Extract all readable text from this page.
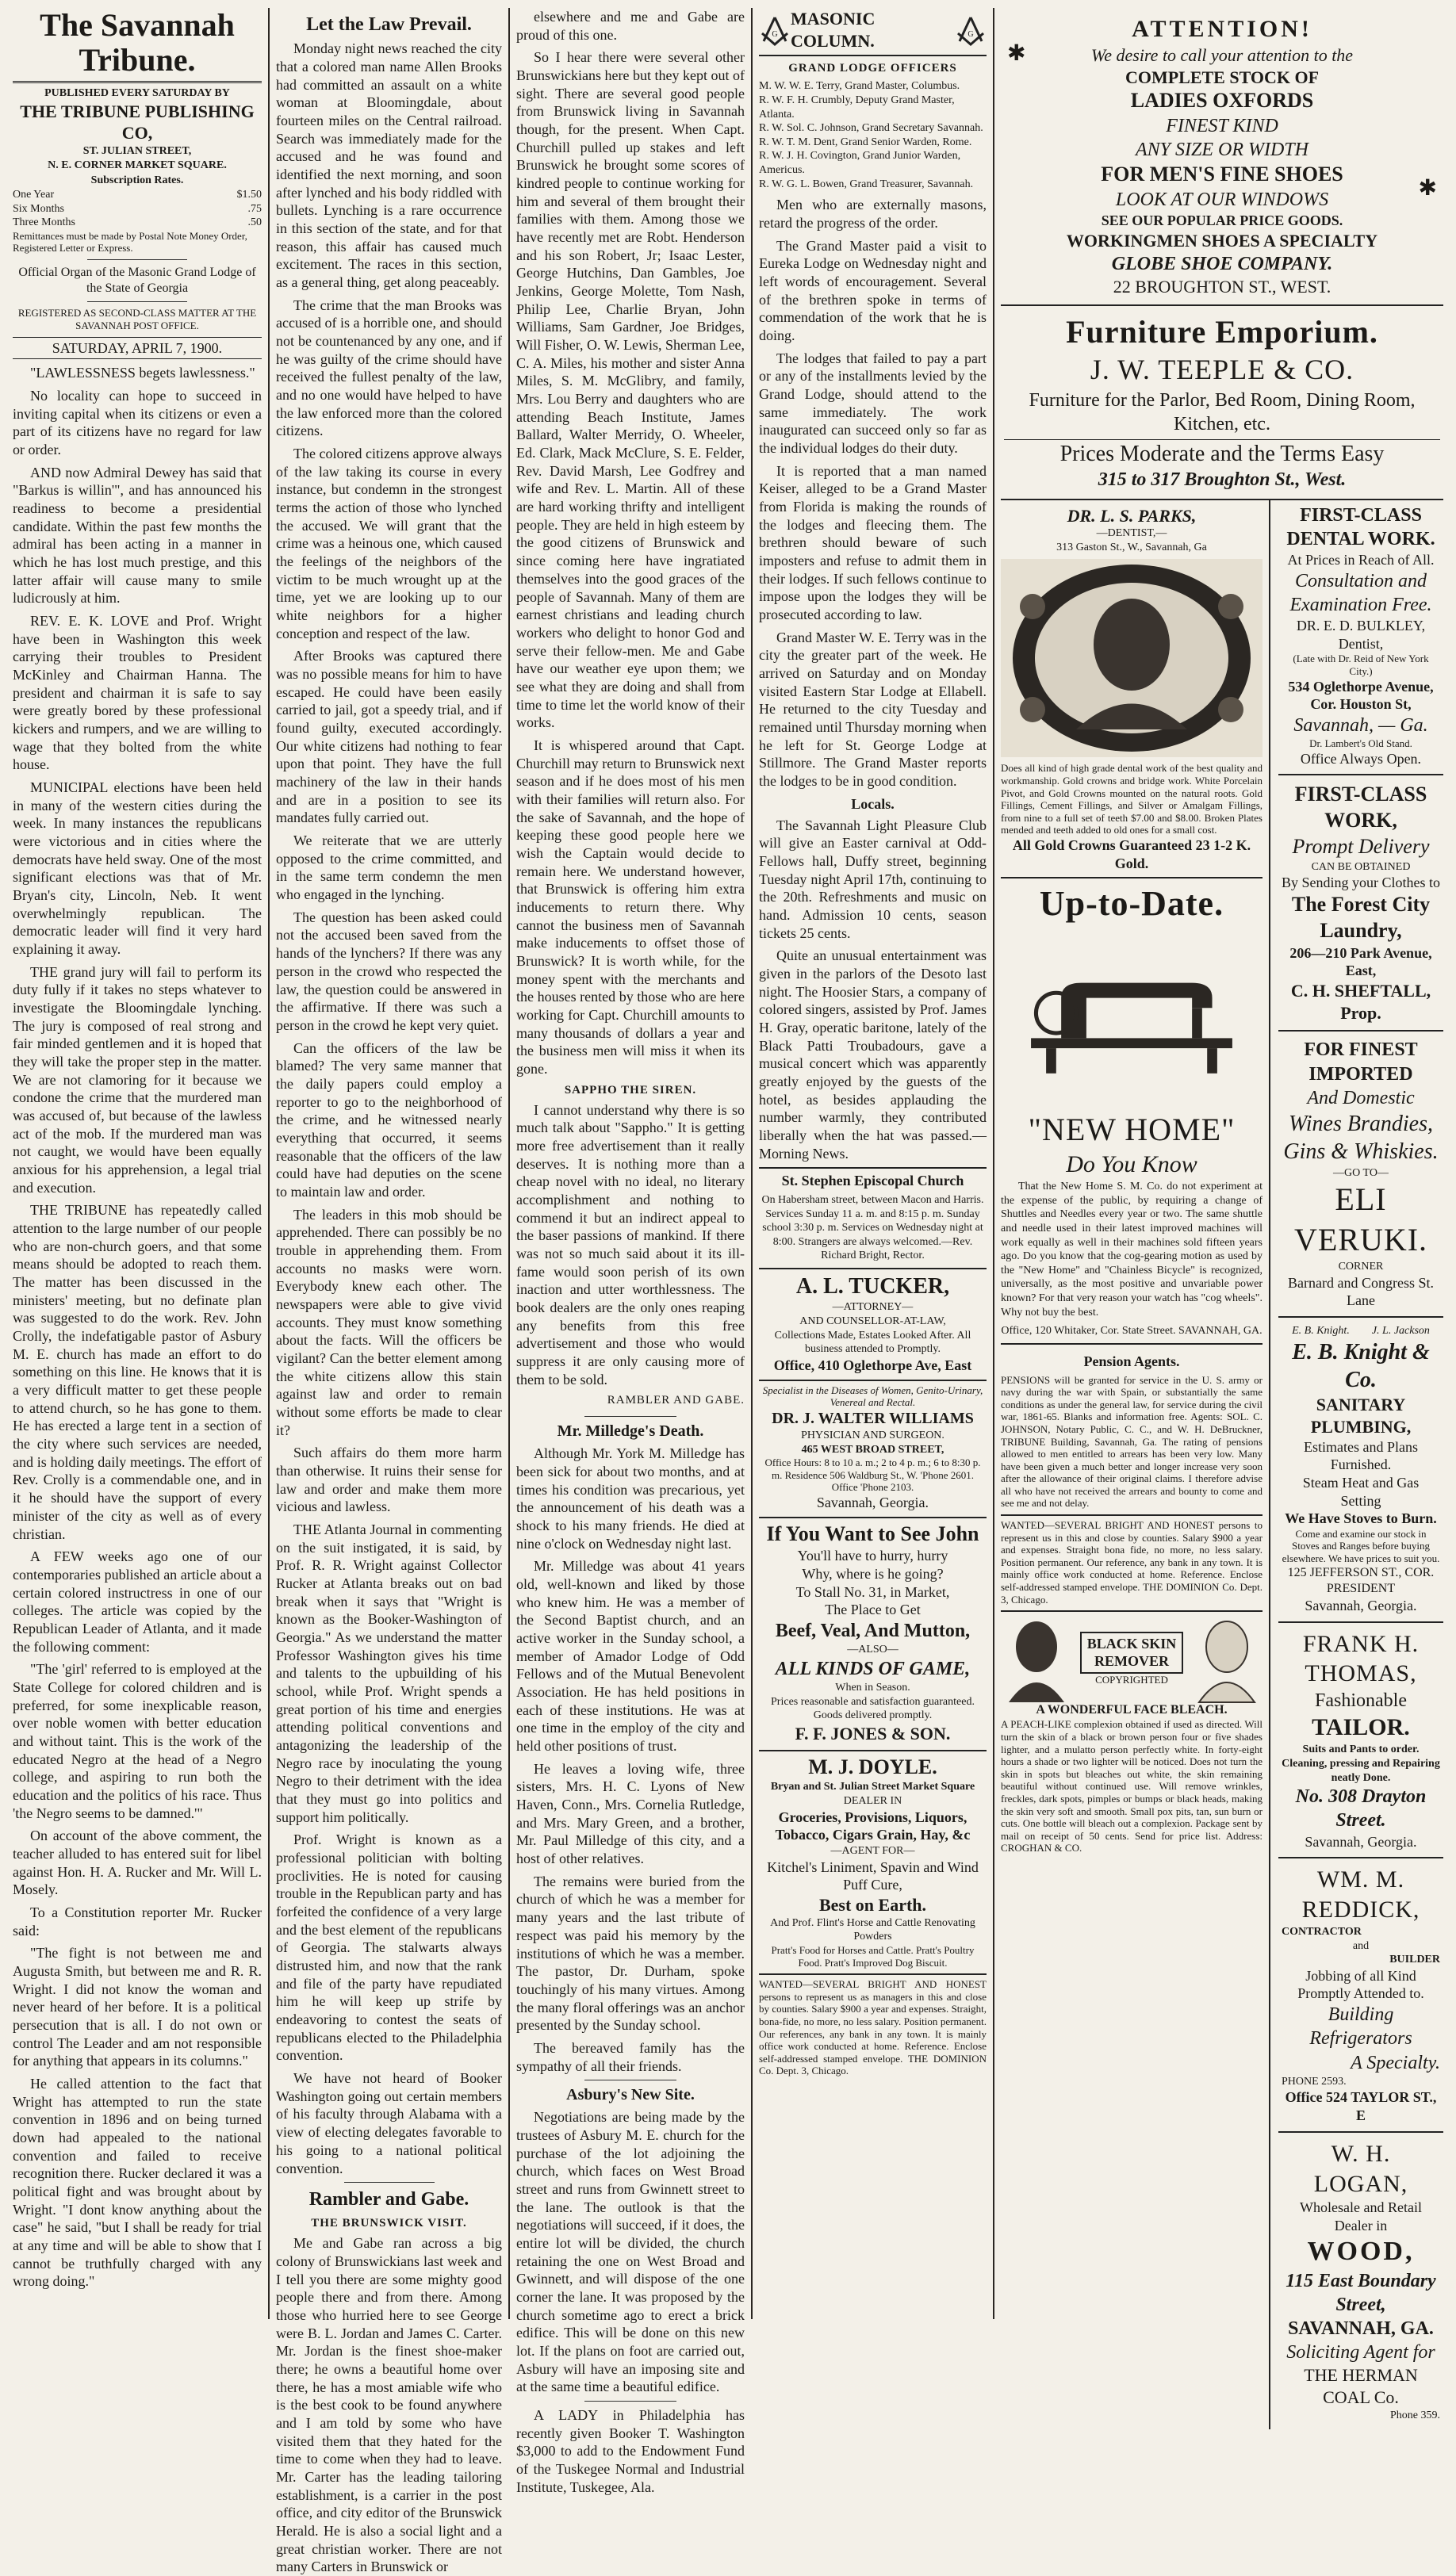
The Savannah Tribune.
PUBLISHED EVERY SATURDAY BY
THE TRIBUNE PUBLISHING CO,
ST. JULIAN STREET,
N. E. CORNER MARKET SQUARE.
Subscription Rates.
One Year	$1.50
Six Months	.75
Three Months	.50
Remittances must be made by Postal Note Money Order, Registered Letter or Express.
Official Organ of the Masonic Grand Lodge of the State of Georgia
REGISTERED AS SECOND-CLASS MATTER AT THE SAVANNAH POST OFFICE.
SATURDAY, APRIL 7, 1900.

"LAWLESSNESS begets lawlessness."

No locality can hope to succeed in inviting capital when its citizens or even a part of its citizens have no regard for law or order.

AND now Admiral Dewey has said that "Barkus is willin'", and has announced his readiness to become a presidential candidate. Within the past few months the admiral has been acting in a manner in which he has lost much prestige, and this latter affair will cause many to smile ludicrously at him.

REV. E. K. LOVE and Prof. Wright have been in Washington this week carrying their troubles to President McKinley and Chairman Hanna. The president and chairman it is safe to say were greatly bored by these professional kickers and rumpers, and we are willing to wage that they bolted from the white house.

MUNICIPAL elections have been held in many of the western cities during the week. In many instances the republicans were victorious and in cities where the democrats have held sway. One of the most significant elections was that of Mr. Bryan's city, Lincoln, Neb. It went overwhelmingly republican. The democratic leader will find it very hard explaining it away.

THE grand jury will fail to perform its duty fully if it takes no steps whatever to investigate the Bloomingdale lynching. The jury is composed of real strong and fair minded gentlemen and it is hoped that they will take the proper step in the matter. We are not clamoring for it because we condone the crime that the murdered man was accused of, but because of the lawless act of the mob. If the murdered man was not caught, we would have been equally anxious for his apprehension, a legal trial and execution.

THE TRIBUNE has repeatedly called attention to the large number of our people who are non-church goers, and that some means should be adopted to reach them. The matter has been discussed in the ministers' meeting, but no definate plan was suggested to do the work. Rev. John Crolly, the indefatigable pastor of Asbury M. E. church has made an effort to do something on this line. He knows that it is a very difficult matter to get these people to attend church, so he has gone to them. He has erected a large tent in a section of the city where such services are needed, and is holding daily meetings. The effort of Rev. Crolly is a commendable one, and in it he should have the support of every minister of the city as well as of every christian.

A FEW weeks ago one of our contemporaries published an article about a certain colored instructress in one of our colleges. The article was copied by the Republican Leader of Atlanta, and it made the following comment:

"The 'girl' referred to is employed at the State College for colored children and is preferred, for some inexplicable reason, over noble women with better education and without taint. This is the work of the educated Negro at the head of a Negro college, and aspiring to run both the education and the politics of his race. Thus 'the Negro seems to be damned.'"

On account of the above comment, the teacher alluded to has entered suit for libel against Hon. H. A. Rucker and Mr. Will L. Mosely.

To a Constitution reporter Mr. Rucker said:

"The fight is not between me and Augusta Smith, but between me and R. R. Wright. I did not know the woman and never heard of her before. It is a political persecution that is all. I do not own or control The Leader and am not responsible for anything that appears in its columns."

He called attention to the fact that Wright has attempted to run the state convention in 1896 and on being turned down had appealed to the national convention and failed to receive recognition there. Rucker declared it was a political fight and was brought about by Wright. "I dont know anything about the case" he said, "but I shall be ready for trial at any time and will be able to show that I cannot be truthfully charged with any wrong doing."

Let the Law Prevail.

Monday night news reached the city that a colored man name Allen Brooks had committed an assault on a white woman at Bloomingdale, about fourteen miles on the Central railroad. Search was immediately made for the accused and he was found and identified the next morning, and soon after lynched and his body riddled with bullets. Lynching is a rare occurrence in this section of the state, and for that reason, this affair has caused much excitement. The races in this section, as a general thing, get along peaceably.

The crime that the man Brooks was accused of is a horrible one, and should not be countenanced by any one, and if he was guilty of the crime should have received the fullest penalty of the law, and no one would have helped to have the law enforced more than the colored citizens.

The colored citizens approve always of the law taking its course in every instance, but condemn in the strongest terms the action of those who lynched the accused. We will grant that the crime was a heinous one, which caused the feelings of the neighbors of the victim to be much wrought up at the time, yet we are looking up to our white neighbors for a higher conception and respect of the law.

After Brooks was captured there was no possible means for him to have escaped. He could have been easily carried to jail, got a speedy trial, and if found guilty, executed accordingly. Our white citizens had nothing to fear upon that point. They have the full machinery of the law in their hands and are in a position to see its mandates fully carried out.

We reiterate that we are utterly opposed to the crime committed, and in the same term condemn the men who engaged in the lynching.

The question has been asked could not the accused been saved from the hands of the lynchers? If there was any person in the crowd who respected the law, the question could be answered in the affirmative. If there was such a person in the crowd he kept very quiet.

Can the officers of the law be blamed? The very same manner that the daily papers could employ a reporter to go to the neighborhood of the crime, and he witnessed nearly everything that occurred, it seems reasonable that the officers of the law could have had deputies on the scene to maintain law and order.

The leaders in this mob should be apprehended. There can possibly be no trouble in apprehending them. From accounts no masks were worn. Everybody knew each other. The newspapers were able to give vivid accounts. They must know something about the facts. Will the officers be vigilant? Can the better element among the white citizens allow this stain against law and order to remain without some efforts be made to clear it?

Such affairs do them more harm than otherwise. It ruins their sense for law and order and make them more vicious and lawless.

THE Atlanta Journal in commenting on the suit instigated, it is said, by Prof. R. R. Wright against Collector Rucker at Atlanta breaks out on bad break when it says that "Wright is known as the Booker-Washington of Georgia." As we understand the matter Professor Washington gives his time and talents to the upbuilding of his school, while Prof. Wright spends a great portion of his time and energies attending political conventions and antagonizing the leadership of the Negro race by inoculating the young Negro to their detriment with the idea that they must go into politics and support him politically.

Prof. Wright is known as a professional politician with bolting proclivities. He is noted for causing trouble in the Republican party and has forfeited the confidence of a very large and the best element of the republicans of Georgia. The stalwarts always distrusted him, and now that the rank and file of the party have repudiated him he will keep up strife by endeavoring to contest the seats of republicans elected to the Philadelphia convention.

We have not heard of Booker Washington going out certain members of his faculty through Alabama with a view of electing delegates favorable to his going to a national political convention.

Rambler and Gabe.
THE BRUNSWICK VISIT.

Me and Gabe ran across a big colony of Brunswickians last week and I tell you there are some mighty good people there and from there. Among those who hurried here to see George were B. L. Jordan and James C. Carter. Mr. Jordan is the finest shoe-maker there; he owns a beautiful home over there, he has a most amiable wife who is the best cook to be found anywhere and I am told by some who have visited them that they hated for the time to come when they had to leave. Mr. Carter has the leading tailoring establishment, is a carrier in the post office, and city editor of the Brunswick Herald. He is also a social light and a great christian worker. There are not many Carters in Brunswick or

elsewhere and me and Gabe are proud of this one.

So I hear there were several other Brunswickians here but they kept out of sight. There are several good people from Brunswick living in Savannah though, for the present. When Capt. Churchill pulled up stakes and left Brunswick he brought some scores of kindred people to continue working for him and several of them brought their families with them. Among those we have recently met are Robt. Henderson and his son Robert, Jr; Isaac Lester, George Hutchins, Dan Gambles, Joe Jenkins, George Molette, Tom Nash, Philip Lee, Charlie Bryan, John Williams, Sam Gardner, Joe Bridges, Will Fisher, O. W. Lewis, Sherman Lee, C. A. Miles, his mother and sister Anna Miles, S. M. McGlibry, and family, Mrs. Lou Berry and daughters who are attending Beach Institute, James Ballard, Walter Merridy, O. Wheeler, Ed. Clark, Mack McClure, S. E. Felder, Rev. David Marsh, Lee Godfrey and wife and Rev. L. Martin. All of these are hard working thrifty and intelligent people. They are held in high esteem by the good citizens of Brunswick and since coming here have ingratiated themselves into the good graces of the people of Savannah. Many of them are earnest christians and leading church workers who delight to honor God and serve their fellow-men. Me and Gabe have our weather eye upon them; we see what they are doing and shall from time to time let the world know of their works.

It is whispered around that Capt. Churchill may return to Brunswick next season and if he does most of his men with their families will return also. For the sake of Savannah, and the hope of keeping these good people here we wish the Captain would decide to remain here. We understand however, that Brunswick is offering him extra inducements to return there. Why cannot the business men of Savannah make inducements to offset those of Brunswick? It is worth while, for the money spent with the merchants and the houses rented by those who are here working for Capt. Churchill amounts to many thousands of dollars a year and the business men will miss it when its gone.

SAPPHO THE SIREN.

I cannot understand why there is so much talk about "Sappho." It is getting more free advertisement than it really deserves. It is nothing more than a cheap novel with no ideal, no literary accomplishment and nothing to commend it but an indirect appeal to the baser passions of mankind. If there was not so much said about it its ill-fame would soon perish of its own inaction and utter worthlessness. The book dealers are the only ones reaping any benefits from this free advertisement and those who would suppress it are only causing more of them to be sold.

RAMBLER AND GABE.
Mr. Milledge's Death.

Although Mr. York M. Milledge has been sick for about two months, and at times his condition was precarious, yet the announcement of his death was a shock to his many friends. He died at nine o'clock on Wednesday night last.

Mr. Milledge was about 41 years old, well-known and liked by those who knew him. He was a member of the Second Baptist church, and an active worker in the Sunday school, a member of Amador Lodge of Odd Fellows and of the Mutual Benevolent Association. He has held positions in each of these institutions. He was at one time in the employ of the city and held other positions of trust.

He leaves a loving wife, three sisters, Mrs. H. C. Lyons of New Haven, Conn., Mrs. Cornelia Rutledge, and Mrs. Mary Green, and a brother, Mr. Paul Milledge of this city, and a host of other relatives.

The remains were buried from the church of which he was a member for many years and the last tribute of respect was paid his memory by the institutions of which he was a member. The pastor, Dr. Durham, spoke touchingly of his many virtues. Among the many floral offerings was an anchor presented by the Sunday school.

The bereaved family has the sympathy of all their friends.

Asbury's New Site.

Negotiations are being made by the trustees of Asbury M. E. church for the purchase of the lot adjoining the church, which faces on West Broad street and runs from Gwinnett street to the lane. The outlook is that the negotiations will succeed, if it does, the entire lot will be divided, the church retaining the one on West Broad and Gwinnett, and will dispose of the one corner the lane. It was proposed by the church sometime ago to erect a brick edifice. This will be done on this new lot. If the plans on foot are carried out, Asbury will have an imposing site and at the same time a beautiful edifice.

A LADY in Philadelphia has recently given Booker T. Washington $3,000 to add to the Endowment Fund of the Tuskegee Normal and Industrial Institute, Tuskegee, Ala.

G
MASONIC COLUMN.	G
GRAND LODGE OFFICERS
M. W. W. E. Terry, Grand Master, Columbus.
R. W. F. H. Crumbly, Deputy Grand Master, Atlanta.
R. W. Sol. C. Johnson, Grand Secretary Savannah.
R. W. T. M. Dent, Grand Senior Warden, Rome.
R. W. J. H. Covington, Grand Junior Warden, Americus.
R. W. G. L. Bowen, Grand Treasurer, Savannah.

Men who are externally masons, retard the progress of the order.

The Grand Master paid a visit to Eureka Lodge on Wednesday night and left words of encouragement. Several of the brethren spoke in terms of commendation of the work that he is doing.

The lodges that failed to pay a part or any of the installments levied by the Grand Lodge, should attend to the same immediately. The work inaugurated can succeed only so far as the individual lodges do their duty.

It is reported that a man named Keiser, alleged to be a Grand Master from Florida is making the rounds of the lodges and fleecing them. The brethren should beware of such imposters and refuse to admit them in their lodges. If such fellows continue to impose upon the lodges they will be prosecuted according to law.

Grand Master W. E. Terry was in the city the greater part of the week. He arrived on Saturday and on Monday visited Eastern Star Lodge at Ellabell. He returned to the city Tuesday and remained until Thursday morning when he left for St. George Lodge at Stillmore. The Grand Master reports the lodges to be in good condition.

Locals.

The Savannah Light Pleasure Club will give an Easter carnival at Odd-Fellows hall, Duffy street, beginning Tuesday night April 17th, continuing to the 20th. Refreshments and music on hand. Admission 10 cents, season tickets 25 cents.

Quite an unusual entertainment was given in the parlors of the Desoto last night. The Hoosier Stars, a company of colored singers, assisted by Prof. James H. Gray, operatic baritone, lately of the Black Patti Troubadours, gave a musical concert which was apparently greatly enjoyed by the guests of the hotel, as besides applauding the number warmly, they contributed liberally when the hat was passed.—Morning News.

St. Stephen Episcopal Church
On Habersham street, between Macon and Harris. Services Sunday 11 a. m. and 8:15 p. m. Sunday school 3:30 p. m. Services on Wednesday night at 8:00. Strangers are always welcomed.—Rev. Richard Bright, Rector.
A. L. TUCKER,
—ATTORNEY—
AND COUNSELLOR-AT-LAW,
Collections Made, Estates Looked After. All business attended to Promptly.
Office, 410 Oglethorpe Ave, East
Specialist in the Diseases of Women, Genito-Urinary, Venereal and Rectal.
DR. J. WALTER WILLIAMS
PHYSICIAN AND SURGEON.
465 WEST BROAD STREET,
Office Hours: 8 to 10 a. m.; 2 to 4 p. m.; 6 to 8:30 p. m. Residence 506 Waldburg St., W. 'Phone 2601. Office 'Phone 2103.
Savannah, Georgia.
If You Want to See John
You'll have to hurry, hurry
Why, where is he going?
To Stall No. 31, in Market,
The Place to Get
Beef, Veal, And Mutton,
—ALSO—
ALL KINDS OF GAME,
When in Season.
Prices reasonable and satisfaction guaranteed. Goods delivered promptly.
F. F. JONES & SON.
M. J. DOYLE.
Bryan and St. Julian Street Market Square
DEALER IN
Groceries, Provisions, Liquors, Tobacco, Cigars Grain, Hay, &c
—AGENT FOR—
Kitchel's Liniment, Spavin and Wind Puff Cure,
Best on Earth.
And Prof. Flint's Horse and Cattle Renovating Powders
Pratt's Food for Horses and Cattle. Pratt's Poultry Food. Pratt's Improved Dog Biscuit.
WANTED—SEVERAL BRIGHT AND HONEST persons to represent us as managers in this and close by counties. Salary $900 a year and expenses. Straight, bona-fide, no more, no less salary. Position permanent. Our references, any bank in any town. It is mainly office work conducted at home. Reference. Enclose self-addressed stamped envelope. THE DOMINION Co. Dept. 3, Chicago.
ATTENTION!
We desire to call your attention to the
COMPLETE STOCK OF
LADIES OXFORDS
FINEST KIND
ANY SIZE OR WIDTH
FOR MEN'S FINE SHOES
LOOK AT OUR WINDOWS
SEE OUR POPULAR PRICE GOODS.
WORKINGMEN SHOES A SPECIALTY
GLOBE SHOE COMPANY.
22 BROUGHTON ST., WEST.
✱
✱
Furniture Emporium.
J. W. TEEPLE & CO.
Furniture for the Parlor, Bed Room, Dining Room, Kitchen, etc.
Prices Moderate and the Terms Easy
315 to 317 Broughton St., West.
DR. L. S. PARKS,
—DENTIST,—
313 Gaston St., W., Savannah, Ga
Does all kind of high grade dental work of the best quality and workmanship. Gold crowns and bridge work. White Porcelain Pivot, and Gold Crowns mounted on the natural roots. Gold Fillings, Cement Fillings, and Silver or Amalgam Fillings, from nine to a full set of teeth $7.00 and $8.00. Broken Plates mended and teeth added to old ones for a small cost.
All Gold Crowns Guaranteed 23 1-2 K. Gold.
Up-to-Date.
"NEW HOME"
Do You Know

That the New Home S. M. Co. do not experiment at the expense of the public, by requiring a change of Shuttles and Needles every year or two. The same shuttle and needle used in their latest improved machines will work equally as well in their machines sold fifteen years ago. Do you know that the cog-gearing motion as used by the "New Home" and "Chainless Bicycle" is recognized, universally, as the most positive and unvariable power known? For that very reason your watch has "cog wheels". Why not buy the best.

Office, 120 Whitaker, Cor. State Street. SAVANNAH, GA.
Pension Agents.
PENSIONS will be granted for service in the U. S. army or navy during the war with Spain, or substantially the same conditions as under the general law, for service during the civil war, 1861-65. Blanks and information free. Agents: SOL. C. JOHNSON, Notary Public, C. C., and W. H. DeBruckner, TRIBUNE Building, Savannah, Ga. The rating of pensions allowed to men entitled to arrears has been very low. Many have been given a much better and longer increase very soon after the allowance of their original claims. I therefore advise all who have not received the arrears and bounty to come and see me and not delay.
WANTED—SEVERAL BRIGHT AND HONEST persons to represent us in this and close by counties. Salary $900 a year and expenses. Straight bona fide, no more, no less salary. Position permanent. Our reference, any bank in any town. It is mainly office work conducted at home. Reference. Enclose self-addressed stamped envelope. THE DOMINION Co. Dept. 3, Chicago.
BLACK SKIN REMOVER
COPYRIGHTED
A WONDERFUL FACE BLEACH.
A PEACH-LIKE complexion obtained if used as directed. Will turn the skin of a black or brown person four or five shades lighter, and a mulatto person perfectly white. In forty-eight hours a shade or two lighter will be noticed. Does not turn the skin in spots but bleaches out white, the skin remaining beautiful without continued use. Will remove wrinkles, freckles, dark spots, pimples or bumps or black heads, making the skin very soft and smooth. Small pox pits, tan, sun burn or cuts. One bottle will bleach out a complexion. Package sent by mail on receipt of 50 cents. Send for price list. Address: CROGHAN & CO.
FIRST-CLASS DENTAL WORK.
At Prices in Reach of All.
Consultation and Examination Free.
DR. E. D. BULKLEY, Dentist,
(Late with Dr. Reid of New York City.)
534 Oglethorpe Avenue, Cor. Houston St,
Savannah, — Ga.
Dr. Lambert's Old Stand.
Office Always Open.
FIRST-CLASS WORK,
Prompt Delivery
CAN BE OBTAINED
By Sending your Clothes to
The Forest City Laundry,
206—210 Park Avenue, East,
C. H. SHEFTALL, Prop.
FOR FINEST IMPORTED
And Domestic
Wines Brandies,
Gins & Whiskies.
—GO TO—
ELI VERUKI.
CORNER
Barnard and Congress St. Lane
E. B. Knight.        J. L. Jackson
E. B. Knight & Co.
SANITARY PLUMBING,
Estimates and Plans Furnished.
Steam Heat and Gas Setting
We Have Stoves to Burn.
Come and examine our stock in Stoves and Ranges before buying elsewhere. We have prices to suit you.
125 JEFFERSON ST., COR. PRESIDENT
Savannah, Georgia.
FRANK H. THOMAS,
Fashionable
TAILOR.
Suits and Pants to order. Cleaning, pressing and Repairing neatly Done.
No. 308 Drayton Street.
Savannah, Georgia.
WM. M. REDDICK,
CONTRACTOR
and
BUILDER
Jobbing of all Kind Promptly Attended to.
Building Refrigerators
A Specialty.
PHONE 2593.
Office 524 TAYLOR ST., E
W. H. LOGAN,
Wholesale and Retail Dealer in
WOOD,
115 East Boundary Street,
SAVANNAH, GA.
Soliciting Agent for
THE HERMAN COAL Co.
Phone 359.
